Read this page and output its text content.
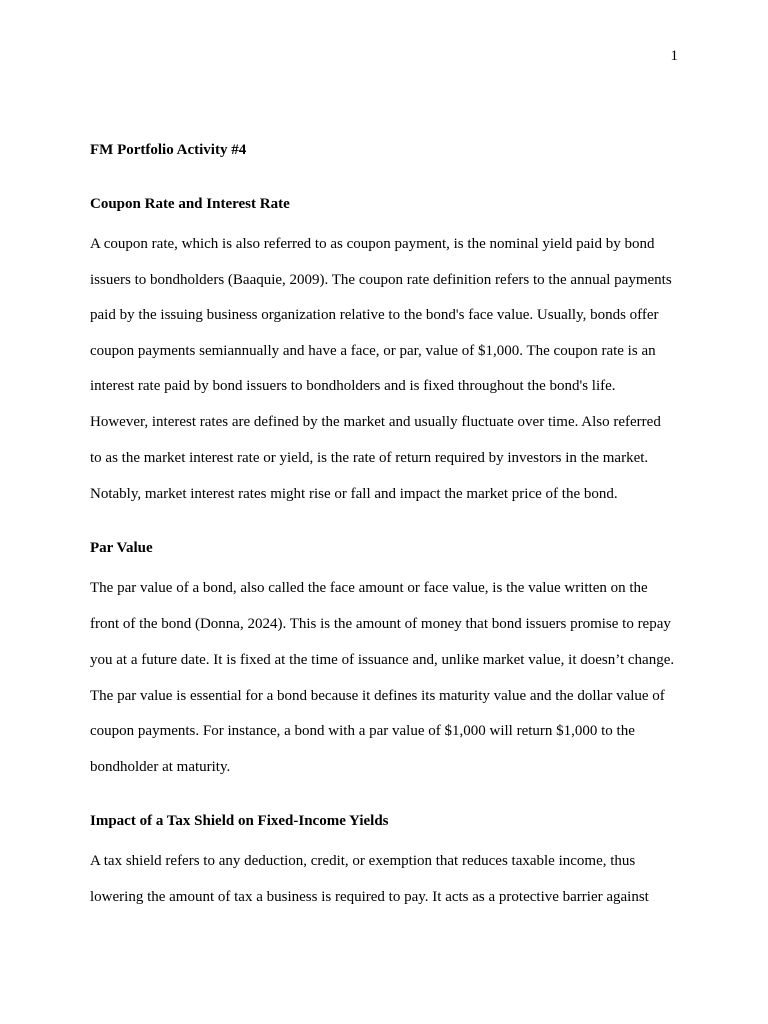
1
FM Portfolio Activity #4
Coupon Rate and Interest Rate
A coupon rate, which is also referred to as coupon payment, is the nominal yield paid by bond
issuers to bondholders (Baaquie, 2009). The coupon rate definition refers to the annual payments
paid by the issuing business organization relative to the bond's face value. Usually, bonds offer
coupon payments semiannually and have a face, or par, value of $1,000. The coupon rate is an
interest rate paid by bond issuers to bondholders and is fixed throughout the bond's life.
However, interest rates are defined by the market and usually fluctuate over time. Also referred
to as the market interest rate or yield, is the rate of return required by investors in the market.
Notably, market interest rates might rise or fall and impact the market price of the bond.
Par Value
The par value of a bond, also called the face amount or face value, is the value written on the
front of the bond (Donna, 2024). This is the amount of money that bond issuers promise to repay
you at a future date. It is fixed at the time of issuance and, unlike market value, it doesn’t change.
The par value is essential for a bond because it defines its maturity value and the dollar value of
coupon payments. For instance, a bond with a par value of $1,000 will return $1,000 to the
bondholder at maturity.
Impact of a Tax Shield on Fixed-Income Yields
A tax shield refers to any deduction, credit, or exemption that reduces taxable income, thus
lowering the amount of tax a business is required to pay. It acts as a protective barrier against
